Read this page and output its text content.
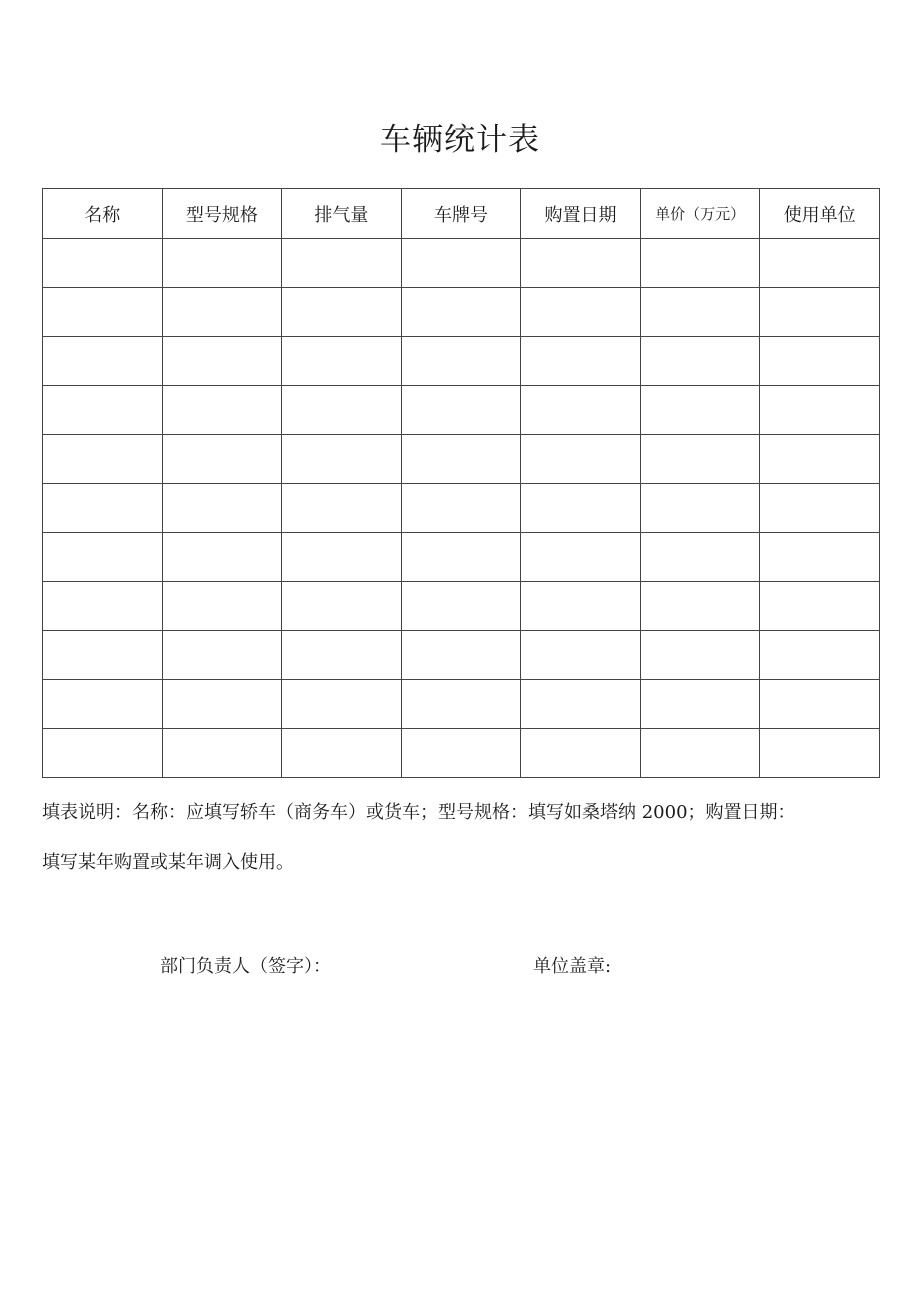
车辆统计表
名称	型号规格	排气量	车牌号	购置日期	单价（万元）	使用单位

填表说明：名称：应填写轿车（商务车）或货车；型号规格：填写如桑塔纳 2000；购置日期：
填写某年购置或某年调入使用。
部门负责人（签字）：	单位盖章:
